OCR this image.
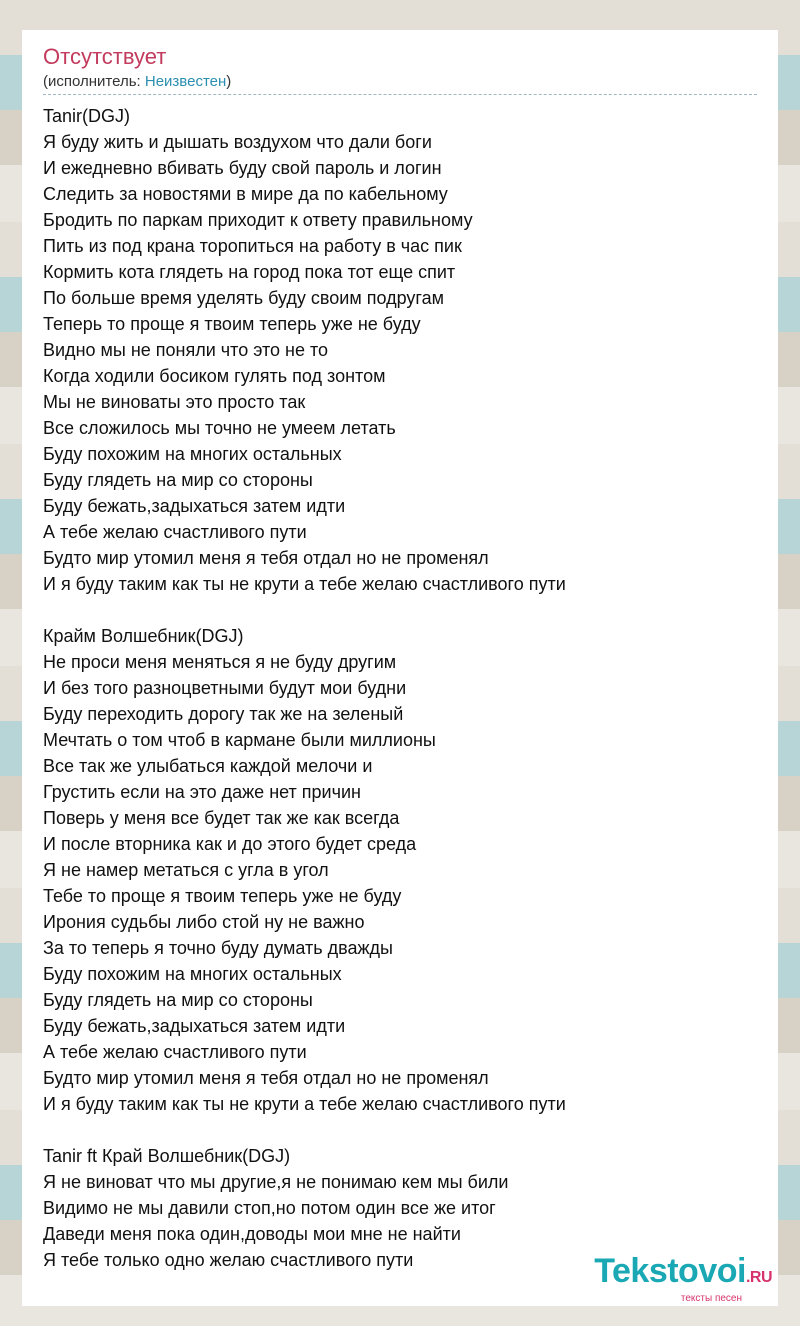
Отсутствует
(исполнитель: Неизвестен)
Tanir(DGJ)
Я буду жить и дышать воздухом что дали боги
И ежедневно вбивать буду свой пароль и логин
Следить за новостями в мире да по кабельному
Бродить по паркам приходит к ответу правильному
Пить из под крана торопиться на работу в час пик
Кормить кота глядеть на город пока тот еще спит
По больше время уделять буду своим подругам
Теперь то проще я твоим теперь уже не буду
Видно мы не поняли что это не то
Когда ходили босиком гулять под зонтом
Мы не виноваты это просто так
Все сложилось мы точно не умеем летать
Буду похожим на многих остальных
Буду глядеть на мир со стороны
Буду бежать,задыхаться затем идти
А тебе желаю счастливого пути
Будто мир утомил меня я тебя отдал но не променял
И я буду таким как ты не крути а тебе желаю счастливого пути
Крайм Волшебник(DGJ)
Не проси меня меняться я не буду другим
И без того разноцветными будут мои будни
Буду переходить дорогу так же на зеленый
Мечтать о том чтоб в кармане были миллионы
Все так же улыбаться каждой мелочи и
Грустить если на это даже нет причин
Поверь у меня все будет так же как всегда
И после вторника как и до этого будет среда
Я не намер метаться с угла в угол
Тебе то проще я твоим теперь уже не буду
Ирония судьбы либо стой ну не важно
За то теперь я точно буду думать дважды
Буду похожим на многих остальных
Буду глядеть на мир со стороны
Буду бежать,задыхаться затем идти
А тебе желаю счастливого пути
Будто мир утомил меня я тебя отдал но не променял
И я буду таким как ты не крути а тебе желаю счастливого пути
Tanir ft Край Волшебник(DGJ)
Я не виноват что мы другие,я не понимаю кем мы били
Видимо не мы давили стоп,но потом один все же итог
Даведи меня пока один,доводы мои мне не найти
Я тебе только одно желаю счастливого пути	Tekstovoi.RU
тексты песен
